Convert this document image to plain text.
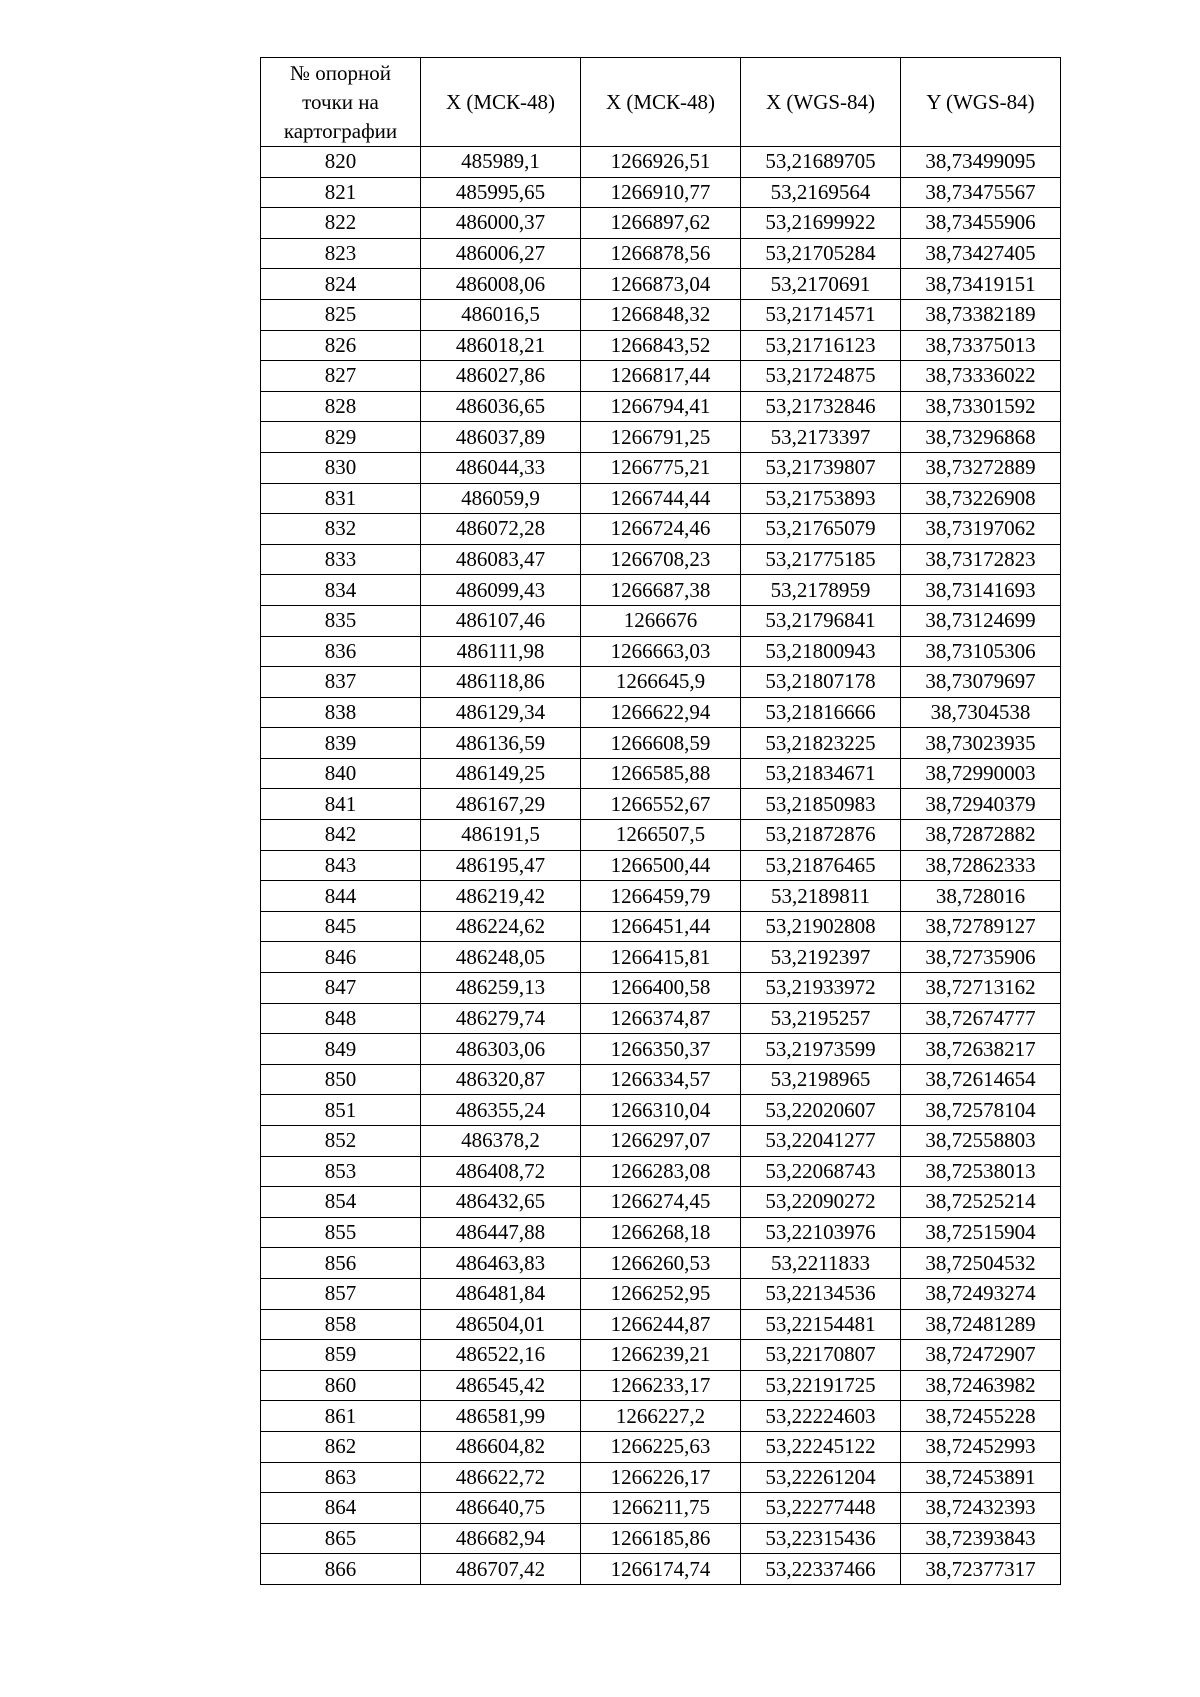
№ опорной точки на картографии	X (МСК-48)	X (МСК-48)	X (WGS-84)	Y (WGS-84)
820	485989,1	1266926,51	53,21689705	38,73499095
821	485995,65	1266910,77	53,2169564	38,73475567
822	486000,37	1266897,62	53,21699922	38,73455906
823	486006,27	1266878,56	53,21705284	38,73427405
824	486008,06	1266873,04	53,2170691	38,73419151
825	486016,5	1266848,32	53,21714571	38,73382189
826	486018,21	1266843,52	53,21716123	38,73375013
827	486027,86	1266817,44	53,21724875	38,73336022
828	486036,65	1266794,41	53,21732846	38,73301592
829	486037,89	1266791,25	53,2173397	38,73296868
830	486044,33	1266775,21	53,21739807	38,73272889
831	486059,9	1266744,44	53,21753893	38,73226908
832	486072,28	1266724,46	53,21765079	38,73197062
833	486083,47	1266708,23	53,21775185	38,73172823
834	486099,43	1266687,38	53,2178959	38,73141693
835	486107,46	1266676	53,21796841	38,73124699
836	486111,98	1266663,03	53,21800943	38,73105306
837	486118,86	1266645,9	53,21807178	38,73079697
838	486129,34	1266622,94	53,21816666	38,7304538
839	486136,59	1266608,59	53,21823225	38,73023935
840	486149,25	1266585,88	53,21834671	38,72990003
841	486167,29	1266552,67	53,21850983	38,72940379
842	486191,5	1266507,5	53,21872876	38,72872882
843	486195,47	1266500,44	53,21876465	38,72862333
844	486219,42	1266459,79	53,2189811	38,728016
845	486224,62	1266451,44	53,21902808	38,72789127
846	486248,05	1266415,81	53,2192397	38,72735906
847	486259,13	1266400,58	53,21933972	38,72713162
848	486279,74	1266374,87	53,2195257	38,72674777
849	486303,06	1266350,37	53,21973599	38,72638217
850	486320,87	1266334,57	53,2198965	38,72614654
851	486355,24	1266310,04	53,22020607	38,72578104
852	486378,2	1266297,07	53,22041277	38,72558803
853	486408,72	1266283,08	53,22068743	38,72538013
854	486432,65	1266274,45	53,22090272	38,72525214
855	486447,88	1266268,18	53,22103976	38,72515904
856	486463,83	1266260,53	53,2211833	38,72504532
857	486481,84	1266252,95	53,22134536	38,72493274
858	486504,01	1266244,87	53,22154481	38,72481289
859	486522,16	1266239,21	53,22170807	38,72472907
860	486545,42	1266233,17	53,22191725	38,72463982
861	486581,99	1266227,2	53,22224603	38,72455228
862	486604,82	1266225,63	53,22245122	38,72452993
863	486622,72	1266226,17	53,22261204	38,72453891
864	486640,75	1266211,75	53,22277448	38,72432393
865	486682,94	1266185,86	53,22315436	38,72393843
866	486707,42	1266174,74	53,22337466	38,72377317
